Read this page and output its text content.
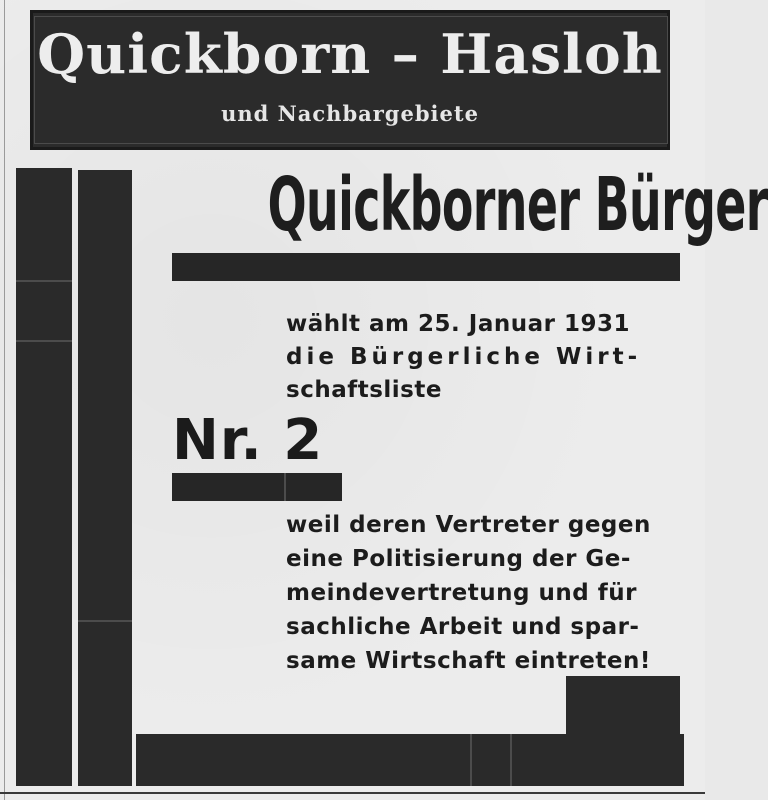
Quickborn – Hasloh
und Nachbargebiete
Quickborner Bürger
wählt am 25. Januar 1931
die Bürgerliche Wirt-
schaftsliste
Nr. 2
weil deren Vertreter gegen
eine Politisierung der Ge-
meindevertretung und für
sachliche Arbeit und spar-
same Wirtschaft eintreten!
